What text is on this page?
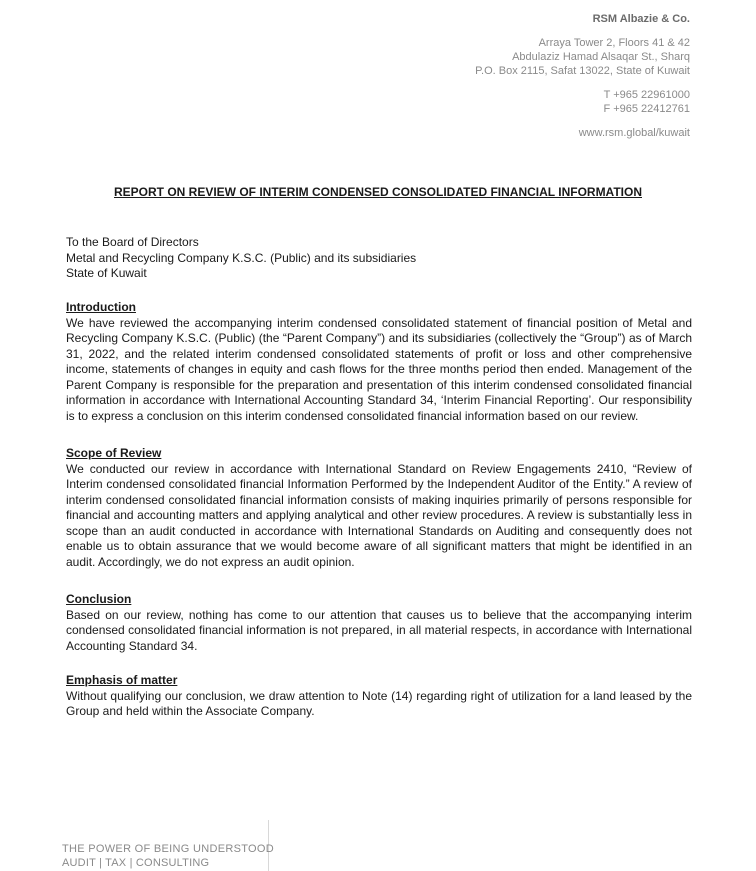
RSM Albazie & Co.
Arraya Tower 2, Floors 41 & 42
Abdulaziz Hamad Alsaqar St., Sharq
P.O. Box 2115, Safat 13022, State of Kuwait
T +965 22961000
F +965 22412761
www.rsm.global/kuwait
REPORT ON REVIEW OF INTERIM CONDENSED CONSOLIDATED FINANCIAL INFORMATION
To the Board of Directors
Metal and Recycling Company K.S.C. (Public) and its subsidiaries
State of Kuwait
Introduction

We have reviewed the accompanying interim condensed consolidated statement of financial position of Metal and Recycling Company K.S.C. (Public) (the “Parent Company”) and its subsidiaries (collectively the “Group”) as of March 31, 2022, and the related interim condensed consolidated statements of profit or loss and other comprehensive income, statements of changes in equity and cash flows for the three months period then ended. Management of the Parent Company is responsible for the preparation and presentation of this interim condensed consolidated financial information in accordance with International Accounting Standard 34, ‘Interim Financial Reporting’. Our responsibility is to express a conclusion on this interim condensed consolidated financial information based on our review.

Scope of Review

We conducted our review in accordance with International Standard on Review Engagements 2410, “Review of Interim condensed consolidated financial Information Performed by the Independent Auditor of the Entity.” A review of interim condensed consolidated financial information consists of making inquiries primarily of persons responsible for financial and accounting matters and applying analytical and other review procedures. A review is substantially less in scope than an audit conducted in accordance with International Standards on Auditing and consequently does not enable us to obtain assurance that we would become aware of all significant matters that might be identified in an audit. Accordingly, we do not express an audit opinion.

Conclusion

Based on our review, nothing has come to our attention that causes us to believe that the accompanying interim condensed consolidated financial information is not prepared, in all material respects, in accordance with International Accounting Standard 34.

Emphasis of matter

Without qualifying our conclusion, we draw attention to Note (14) regarding right of utilization for a land leased by the Group and held within the Associate Company.

THE POWER OF BEING UNDERSTOOD
AUDIT | TAX | CONSULTING
